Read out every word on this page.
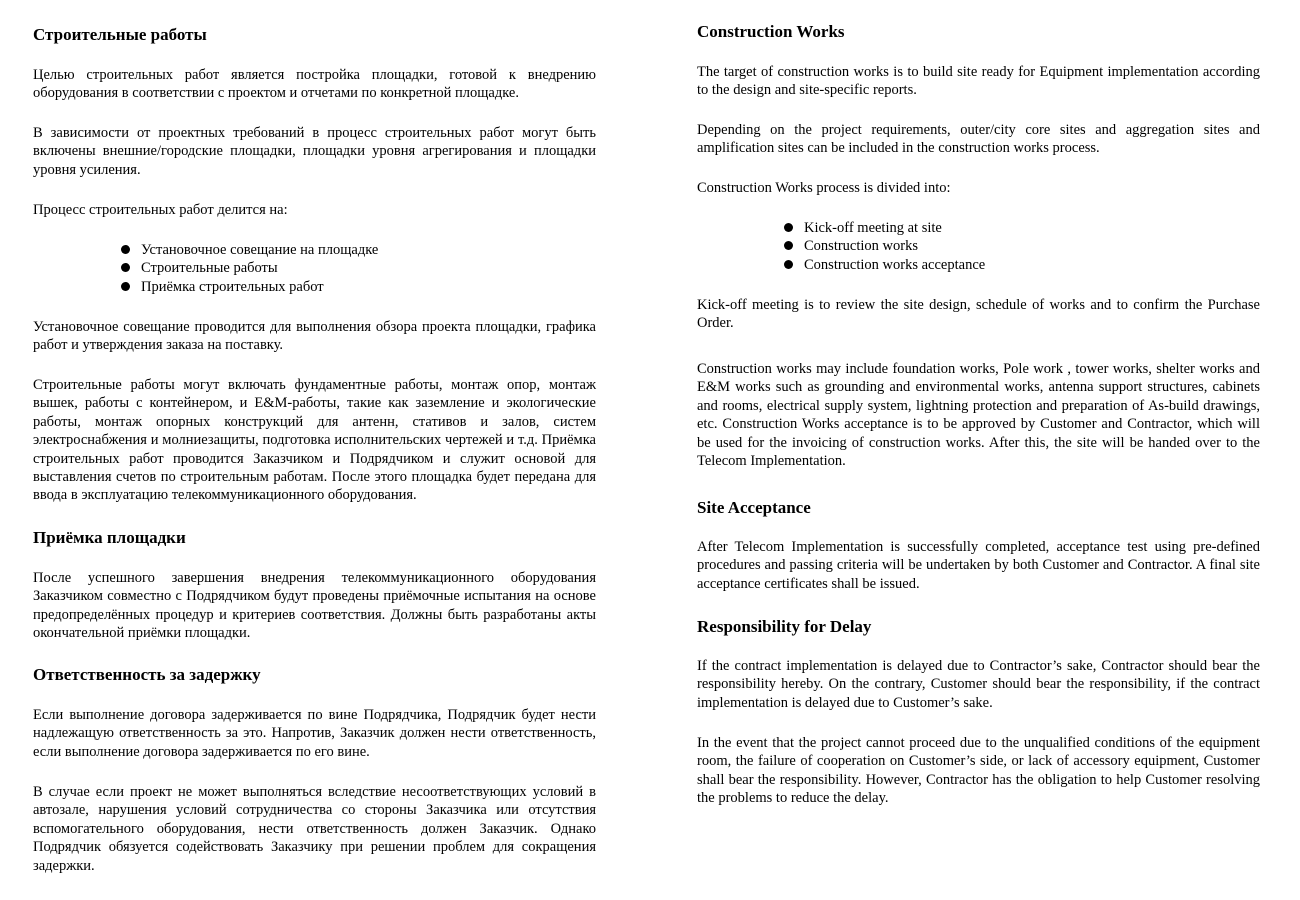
Строительные работы

Целью строительных работ является постройка площадки, готовой к внедрению оборудования в соответствии с проектом и отчетами по конкретной площадке.

В зависимости от проектных требований в процесс строительных работ могут быть включены внешние/городские площадки, площадки уровня агрегирования и площадки уровня усиления.

Процесс строительных работ делится на:

Установочное совещание на площадке
Строительные работы
Приёмка строительных работ

Установочное совещание проводится для выполнения обзора проекта площадки, графика работ и утверждения заказа на поставку.

Строительные работы могут включать фундаментные работы, монтаж опор, монтаж вышек, работы с контейнером, и E&M-работы, такие как заземление и экологические работы, монтаж опорных конструкций для антенн, стативов и залов, систем электроснабжения и молниезащиты, подготовка исполнительских чертежей и т.д. Приёмка строительных работ проводится Заказчиком и Подрядчиком и служит основой для выставления счетов по строительным работам. После этого площадка будет передана для ввода в эксплуатацию телекоммуникационного оборудования.

Приёмка площадки

После успешного завершения внедрения телекоммуникационного оборудования Заказчиком совместно с Подрядчиком будут проведены приёмочные испытания на основе предопределённых процедур и критериев соответствия. Должны быть разработаны акты окончательной приёмки площадки.

Ответственность за задержку

Если выполнение договора задерживается по вине Подрядчика, Подрядчик будет нести надлежащую ответственность за это. Напротив, Заказчик должен нести ответственность, если выполнение договора задерживается по его вине.

В случае если проект не может выполняться вследствие несоответствующих условий в автозале, нарушения условий сотрудничества со стороны Заказчика или отсутствия вспомогательного оборудования, нести ответственность должен Заказчик. Однако Подрядчик обязуется содействовать Заказчику при решении проблем для сокращения задержки.

Construction Works

The target of construction works is to build site ready for Equipment implementation according to the design and site-specific reports.

Depending on the project requirements, outer/city core sites and aggregation sites and amplification sites can be included in the construction works process.

Construction Works process is divided into:

Kick-off meeting at site
Construction works
Construction works acceptance

Kick-off meeting is to review the site design, schedule of works and to confirm the Purchase Order.

Construction works may include foundation works, Pole work , tower works, shelter works and E&M works such as grounding and environmental works, antenna support structures, cabinets and rooms, electrical supply system, lightning protection and preparation of As-build drawings, etc. Construction Works acceptance is to be approved by Customer and Contractor, which will be used for the invoicing of construction works. After this, the site will be handed over to the Telecom Implementation.

Site Acceptance

After Telecom Implementation is successfully completed, acceptance test using pre-defined procedures and passing criteria will be undertaken by both Customer and Contractor. A final site acceptance certificates shall be issued.

Responsibility for Delay

If the contract implementation is delayed due to Contractor’s sake, Contractor should bear the responsibility hereby. On the contrary, Customer should bear the responsibility, if the contract implementation is delayed due to Customer’s sake.

In the event that the project cannot proceed due to the unqualified conditions of the equipment room, the failure of cooperation on Customer’s side, or lack of accessory equipment, Customer shall bear the responsibility. However, Contractor has the obligation to help Customer resolving the problems to reduce the delay.
